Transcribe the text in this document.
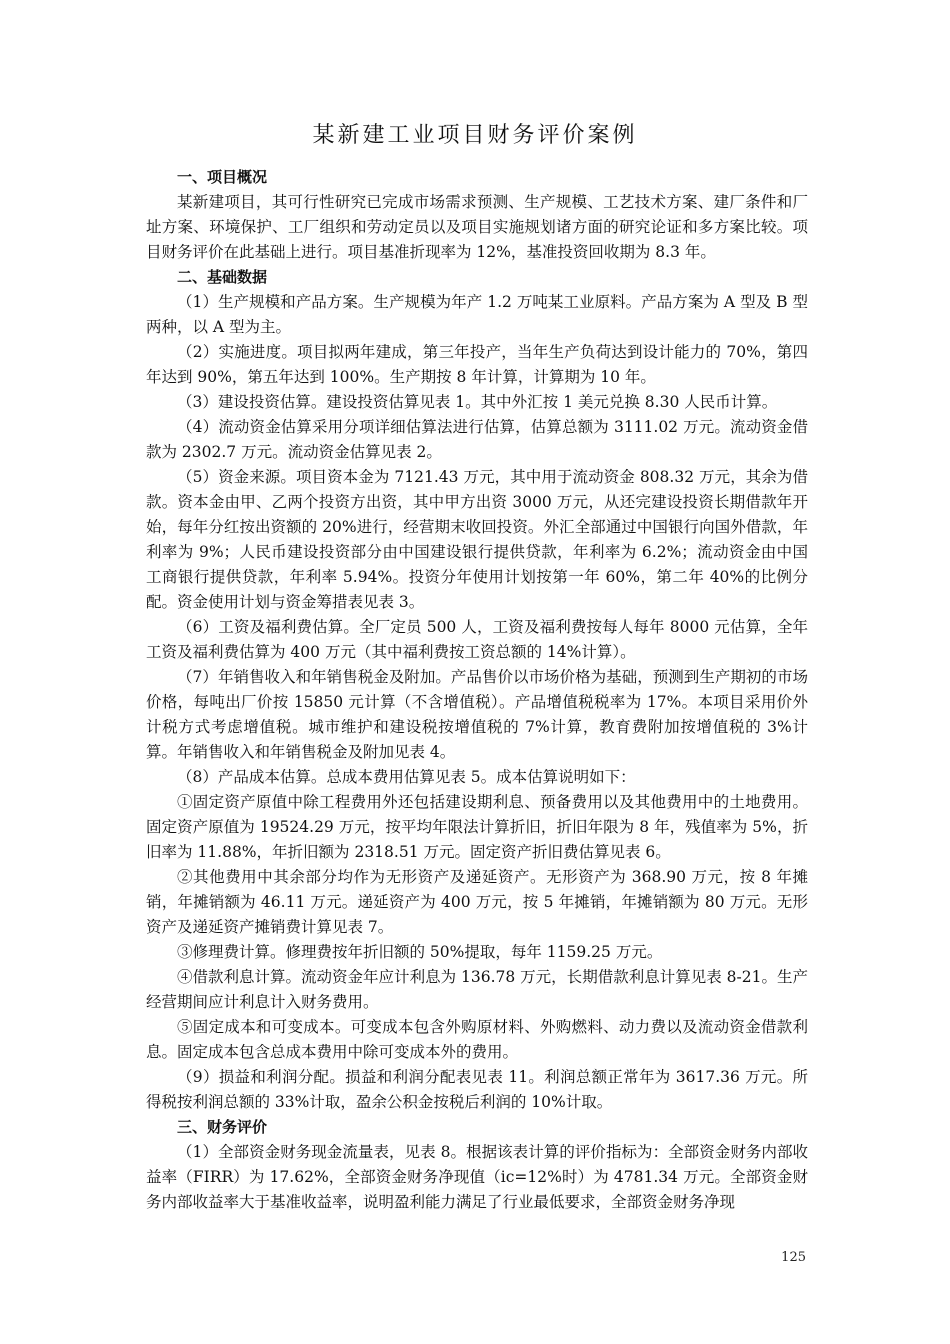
某新建工业项目财务评价案例
一、项目概况

某新建项目，其可行性研究已完成市场需求预测、生产规模、工艺技术方案、建厂条件和厂址方案、环境保护、工厂组织和劳动定员以及项目实施规划诸方面的研究论证和多方案比较。项目财务评价在此基础上进行。项目基准折现率为 12%，基准投资回收期为 8.3 年。

二、基础数据

（1）生产规模和产品方案。生产规模为年产 1.2 万吨某工业原料。产品方案为 A 型及 B 型两种，以 A 型为主。

（2）实施进度。项目拟两年建成，第三年投产，当年生产负荷达到设计能力的 70%，第四年达到 90%，第五年达到 100%。生产期按 8 年计算，计算期为 10 年。

（3）建设投资估算。建设投资估算见表 1。其中外汇按 1 美元兑换 8.30 人民币计算。

（4）流动资金估算采用分项详细估算法进行估算，估算总额为 3111.02 万元。流动资金借款为 2302.7 万元。流动资金估算见表 2。

（5）资金来源。项目资本金为 7121.43 万元，其中用于流动资金 808.32 万元，其余为借款。资本金由甲、乙两个投资方出资，其中甲方出资 3000 万元，从还完建设投资长期借款年开始，每年分红按出资额的 20%进行，经营期末收回投资。外汇全部通过中国银行向国外借款，年利率为 9%；人民币建设投资部分由中国建设银行提供贷款，年利率为 6.2%；流动资金由中国工商银行提供贷款，年利率 5.94%。投资分年使用计划按第一年 60%，第二年 40%的比例分配。资金使用计划与资金筹措表见表 3。

（6）工资及福利费估算。全厂定员 500 人，工资及福利费按每人每年 8000 元估算，全年工资及福利费估算为 400 万元（其中福利费按工资总额的 14%计算）。

（7）年销售收入和年销售税金及附加。产品售价以市场价格为基础，预测到生产期初的市场价格，每吨出厂价按 15850 元计算（不含增值税）。产品增值税税率为 17%。本项目采用价外计税方式考虑增值税。城市维护和建设税按增值税的 7%计算，教育费附加按增值税的 3%计算。年销售收入和年销售税金及附加见表 4。

（8）产品成本估算。总成本费用估算见表 5。成本估算说明如下：

①固定资产原值中除工程费用外还包括建设期利息、预备费用以及其他费用中的土地费用。固定资产原值为 19524.29 万元，按平均年限法计算折旧，折旧年限为 8 年，残值率为 5%，折旧率为 11.88%，年折旧额为 2318.51 万元。固定资产折旧费估算见表 6。

②其他费用中其余部分均作为无形资产及递延资产。无形资产为 368.90 万元，按 8 年摊销，年摊销额为 46.11 万元。递延资产为 400 万元，按 5 年摊销，年摊销额为 80 万元。无形资产及递延资产摊销费计算见表 7。

③修理费计算。修理费按年折旧额的 50%提取，每年 1159.25 万元。

④借款利息计算。流动资金年应计利息为 136.78 万元，长期借款利息计算见表 8-21。生产经营期间应计利息计入财务费用。

⑤固定成本和可变成本。可变成本包含外购原材料、外购燃料、动力费以及流动资金借款利息。固定成本包含总成本费用中除可变成本外的费用。

（9）损益和利润分配。损益和利润分配表见表 11。利润总额正常年为 3617.36 万元。所得税按利润总额的 33%计取，盈余公积金按税后利润的 10%计取。

三、财务评价

（1）全部资金财务现金流量表，见表 8。根据该表计算的评价指标为：全部资金财务内部收益率（FIRR）为 17.62%，全部资金财务净现值（ic=12%时）为 4781.34 万元。全部资金财务内部收益率大于基准收益率，说明盈利能力满足了行业最低要求，全部资金财务净现

125
